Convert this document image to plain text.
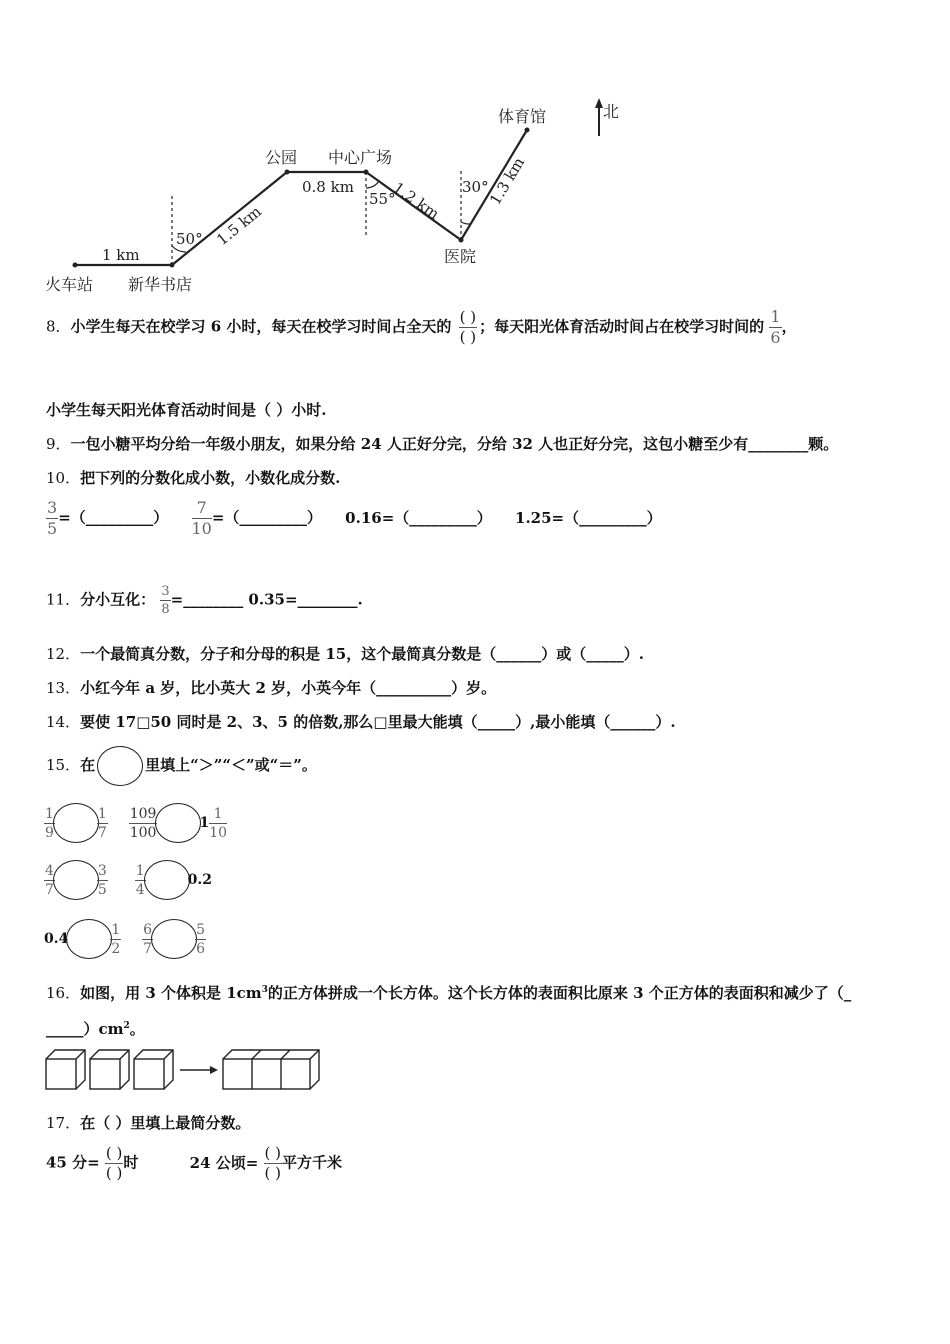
北
火车站 新华书店
公园 中心广场
医院
体育馆
1 km
1.5 km
0.8 km 1.2 km	1.3 km
50°
55°
30°
8．小学生每天在校学习 6 小时，每天在校学习时间占全天的 $\frac{( )}{( )}$ ；每天阳光体育活动时间占在校学习时间的 $\frac{1}{6}$ ，
小学生每天阳光体育活动时间是（ ）小时.
9．一包小糖平均分给一年级小朋友，如果分给 24 人正好分完，分给 32 人也正好分完，这包小糖至少有________颗。
10．把下列的分数化成小数，小数化成分数.
$\frac{3}{5}$ =（_________） $\frac{7}{10}$ =（_________） 0.16=（_________） 1.25=（_________）
11．分小互化： $\frac{3}{8}$ =________ 0.35=________.
12．一个最简真分数，分子和分母的积是 15，这个最简真分数是（______）或（_____）.
13．小红今年 a 岁，比小英大 2 岁，小英今年（__________）岁。
14．要使 17□50 同时是 2、3、5 的倍数,那么□里最大能填（_____）,最小能填（______）.
15．在	里填上“＞”“＜”或“＝”。
$\frac{1}{9}$	$\frac{1}{7}$
$\frac{109}{100}$	$1 \frac{1}{10}$
$\frac{4}{7}$	$\frac{3}{5}$
$\frac{1}{4}$	0.2
0.4	$\frac{1}{2}$
$\frac{6}{7}$	$\frac{5}{6}$
16．如图，用 3 个体积是 $1cm^3$的正方体拼成一个长方体。这个长方体的表面积比原来 3 个正方体的表面积和减少了（_
$\_\_\_\_\_)cm^2$。
17．在（ ）里填上最简分数。
45 分= $\frac{( )}{( )}$ 时	24 公顷= $\frac{( )}{( )}$ 平方千米
